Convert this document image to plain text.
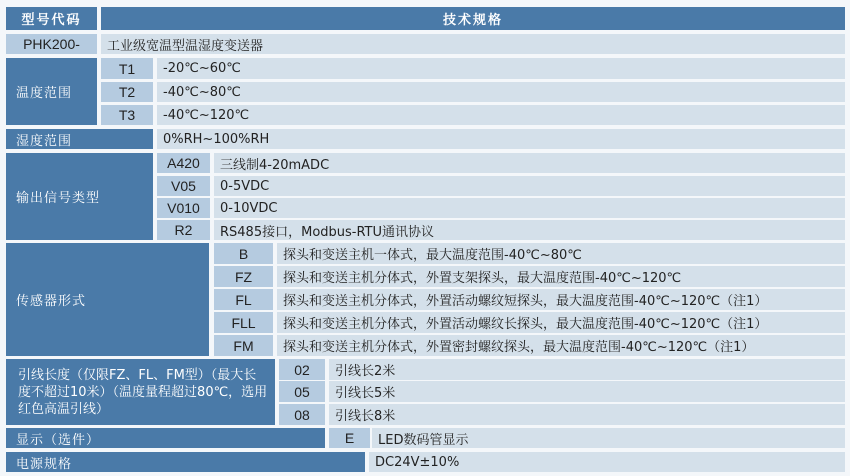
型号代码	技术规格
PHK200-	工业级宽温型温湿度变送器
温度范围
T1	-20℃~60℃
T2	-40℃~80℃
T3	-40℃~120℃
湿度范围	0%RH~100%RH
输出信号类型
A420	三线制4-20mADC
V05	0-5VDC
V010	0-10VDC
R2	RS485接口，Modbus-RTU通讯协议
传感器形式
B	探头和变送主机一体式，最大温度范围-40℃~80℃
FZ	探头和变送主机分体式，外置支架探头，最大温度范围-40℃~120℃
FL	探头和变送主机分体式，外置活动螺纹短探头，最大温度范围-40℃~120℃（注1）
FLL	探头和变送主机分体式，外置活动螺纹长探头，最大温度范围-40℃~120℃（注1）
FM	探头和变送主机分体式，外置密封螺纹探头，最大温度范围-40℃~120℃（注1）
引线长度（仅限FZ、FL、FM型）（最大长度不超过10米）（温度量程超过80℃，选用红色高温引线）
02	引线长2米
05	引线长5米
08	引线长8米
显示（选件）	E	LED数码管显示
电源规格	DC24V±10%
